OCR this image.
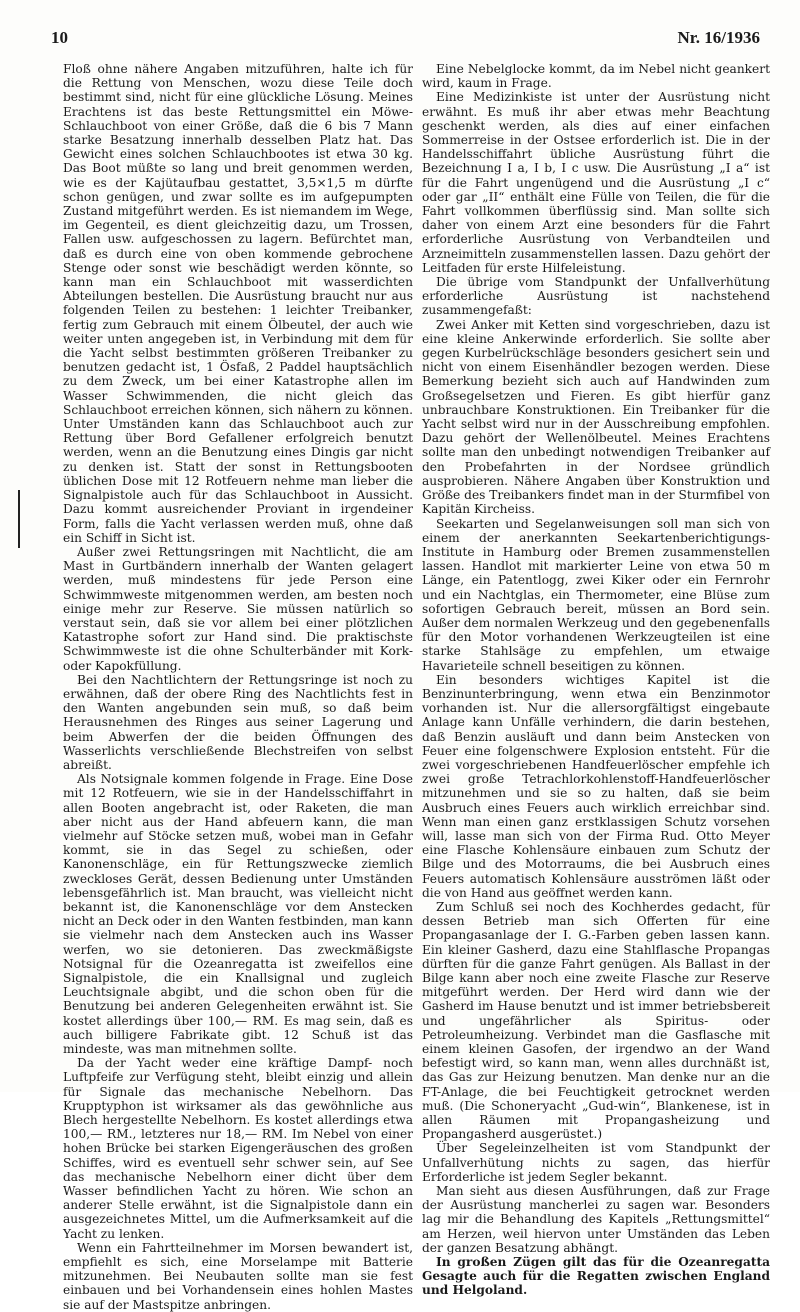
10	Nr. 16/1936

Floß ohne nähere Angaben mitzuführen, halte ich für die Rettung von Menschen, wozu diese Teile doch bestimmt sind, nicht für eine glückliche Lösung. Meines Erachtens ist das beste Rettungsmittel ein Möwe-Schlauchboot von einer Größe, daß die 6 bis 7 Mann starke Besatzung innerhalb desselben Platz hat. Das Gewicht eines solchen Schlauchbootes ist etwa 30 kg. Das Boot müßte so lang und breit genommen werden, wie es der Kajütaufbau gestattet, 3,5×1,5 m dürfte schon genügen, und zwar sollte es im aufgepumpten Zustand mitgeführt werden. Es ist niemandem im Wege, im Gegenteil, es dient gleichzeitig dazu, um Trossen, Fallen usw. aufgeschossen zu lagern. Befürchtet man, daß es durch eine von oben kommende gebrochene Stenge oder sonst wie beschädigt werden könnte, so kann man ein Schlauchboot mit wasserdichten Abteilungen bestellen. Die Ausrüstung braucht nur aus folgenden Teilen zu bestehen: 1 leichter Treibanker, fertig zum Gebrauch mit einem Ölbeutel, der auch wie weiter unten angegeben ist, in Verbindung mit dem für die Yacht selbst bestimmten größeren Treibanker zu benutzen gedacht ist, 1 Ösfaß, 2 Paddel hauptsächlich zu dem Zweck, um bei einer Katastrophe allen im Wasser Schwimmenden, die nicht gleich das Schlauchboot erreichen können, sich nähern zu können. Unter Umständen kann das Schlauchboot auch zur Rettung über Bord Gefallener erfolgreich benutzt werden, wenn an die Benutzung eines Dingis gar nicht zu denken ist. Statt der sonst in Rettungsbooten üblichen Dose mit 12 Rotfeuern nehme man lieber die Signalpistole auch für das Schlauchboot in Aussicht. Dazu kommt ausreichender Proviant in irgendeiner Form, falls die Yacht verlassen werden muß, ohne daß ein Schiff in Sicht ist.

Außer zwei Rettungsringen mit Nachtlicht, die am Mast in Gurtbändern innerhalb der Wanten gelagert werden, muß mindestens für jede Person eine Schwimmweste mitgenommen werden, am besten noch einige mehr zur Reserve. Sie müssen natürlich so verstaut sein, daß sie vor allem bei einer plötzlichen Katastrophe sofort zur Hand sind. Die praktischste Schwimmweste ist die ohne Schulterbänder mit Kork- oder Kapokfüllung.

Bei den Nachtlichtern der Rettungsringe ist noch zu erwähnen, daß der obere Ring des Nachtlichts fest in den Wanten angebunden sein muß, so daß beim Herausnehmen des Ringes aus seiner Lagerung und beim Abwerfen der die beiden Öffnungen des Wasserlichts verschließende Blechstreifen von selbst abreißt.

Als Notsignale kommen folgende in Frage. Eine Dose mit 12 Rotfeuern, wie sie in der Handelsschiffahrt in allen Booten angebracht ist, oder Raketen, die man aber nicht aus der Hand abfeuern kann, die man vielmehr auf Stöcke setzen muß, wobei man in Gefahr kommt, sie in das Segel zu schießen, oder Kanonenschläge, ein für Rettungszwecke ziemlich zweckloses Gerät, dessen Bedienung unter Umständen lebensgefährlich ist. Man braucht, was vielleicht nicht bekannt ist, die Kanonenschläge vor dem Anstecken nicht an Deck oder in den Wanten festbinden, man kann sie vielmehr nach dem Anstecken auch ins Wasser werfen, wo sie detonieren. Das zweckmäßigste Notsignal für die Ozeanregatta ist zweifellos eine Signalpistole, die ein Knallsignal und zugleich Leuchtsignale abgibt, und die schon oben für die Benutzung bei anderen Gelegenheiten erwähnt ist. Sie kostet allerdings über 100,— RM. Es mag sein, daß es auch billigere Fabrikate gibt. 12 Schuß ist das mindeste, was man mitnehmen sollte.

Da der Yacht weder eine kräftige Dampf- noch Luftpfeife zur Verfügung steht, bleibt einzig und allein für Signale das mechanische Nebelhorn. Das Krupptyphon ist wirksamer als das gewöhnliche aus Blech hergestellte Nebelhorn. Es kostet allerdings etwa 100,— RM., letzteres nur 18,— RM. Im Nebel von einer hohen Brücke bei starken Eigengeräuschen des großen Schiffes, wird es eventuell sehr schwer sein, auf See das mechanische Nebelhorn einer dicht über dem Wasser befindlichen Yacht zu hören. Wie schon an anderer Stelle erwähnt, ist die Signalpistole dann ein ausgezeichnetes Mittel, um die Aufmerksamkeit auf die Yacht zu lenken.

Wenn ein Fahrtteilnehmer im Morsen bewandert ist, empfiehlt es sich, eine Morselampe mit Batterie mitzunehmen. Bei Neubauten sollte man sie fest einbauen und bei Vorhandensein eines hohlen Mastes sie auf der Mastspitze anbringen.

Eine Nebelglocke kommt, da im Nebel nicht geankert wird, kaum in Frage.

Eine Medizinkiste ist unter der Ausrüstung nicht erwähnt. Es muß ihr aber etwas mehr Beachtung geschenkt werden, als dies auf einer einfachen Sommerreise in der Ostsee erforderlich ist. Die in der Handelsschiffahrt übliche Ausrüstung führt die Bezeichnung I a, I b, I c usw. Die Ausrüstung „I a“ ist für die Fahrt ungenügend und die Ausrüstung „I c“ oder gar „II“ enthält eine Fülle von Teilen, die für die Fahrt vollkommen überflüssig sind. Man sollte sich daher von einem Arzt eine besonders für die Fahrt erforderliche Ausrüstung von Verbandteilen und Arzneimitteln zusammenstellen lassen. Dazu gehört der Leitfaden für erste Hilfeleistung.

Die übrige vom Standpunkt der Unfallverhütung erforderliche Ausrüstung ist nachstehend zusammengefaßt:

Zwei Anker mit Ketten sind vorgeschrieben, dazu ist eine kleine Ankerwinde erforderlich. Sie sollte aber gegen Kurbelrückschläge besonders gesichert sein und nicht von einem Eisenhändler bezogen werden. Diese Bemerkung bezieht sich auch auf Handwinden zum Großsegelsetzen und Fieren. Es gibt hierfür ganz unbrauchbare Konstruktionen. Ein Treibanker für die Yacht selbst wird nur in der Ausschreibung empfohlen. Dazu gehört der Wellenölbeutel. Meines Erachtens sollte man den unbedingt notwendigen Treibanker auf den Probefahrten in der Nordsee gründlich ausprobieren. Nähere Angaben über Konstruktion und Größe des Treibankers findet man in der Sturmfibel von Kapitän Kircheiss.

Seekarten und Segelanweisungen soll man sich von einem der anerkannten Seekartenberichtigungs-Institute in Hamburg oder Bremen zusammenstellen lassen. Handlot mit markierter Leine von etwa 50 m Länge, ein Patentlogg, zwei Kiker oder ein Fernrohr und ein Nachtglas, ein Thermometer, eine Blüse zum sofortigen Gebrauch bereit, müssen an Bord sein. Außer dem normalen Werkzeug und den gegebenenfalls für den Motor vorhandenen Werkzeugteilen ist eine starke Stahlsäge zu empfehlen, um etwaige Havarieteile schnell beseitigen zu können.

Ein besonders wichtiges Kapitel ist die Benzinunterbringung, wenn etwa ein Benzinmotor vorhanden ist. Nur die allersorgfältigst eingebaute Anlage kann Unfälle verhindern, die darin bestehen, daß Benzin ausläuft und dann beim Anstecken von Feuer eine folgenschwere Explosion entsteht. Für die zwei vorgeschriebenen Handfeuerlöscher empfehle ich zwei große Tetrachlorkohlenstoff-Handfeuerlöscher mitzunehmen und sie so zu halten, daß sie beim Ausbruch eines Feuers auch wirklich erreichbar sind. Wenn man einen ganz erstklassigen Schutz vorsehen will, lasse man sich von der Firma Rud. Otto Meyer eine Flasche Kohlensäure einbauen zum Schutz der Bilge und des Motorraums, die bei Ausbruch eines Feuers automatisch Kohlensäure ausströmen läßt oder die von Hand aus geöffnet werden kann.

Zum Schluß sei noch des Kochherdes gedacht, für dessen Betrieb man sich Offerten für eine Propangasanlage der I. G.-Farben geben lassen kann. Ein kleiner Gasherd, dazu eine Stahlflasche Propangas dürften für die ganze Fahrt genügen. Als Ballast in der Bilge kann aber noch eine zweite Flasche zur Reserve mitgeführt werden. Der Herd wird dann wie der Gasherd im Hause benutzt und ist immer betriebsbereit und ungefährlicher als Spiritus- oder Petroleumheizung. Verbindet man die Gasflasche mit einem kleinen Gasofen, der irgendwo an der Wand befestigt wird, so kann man, wenn alles durchnäßt ist, das Gas zur Heizung benutzen. Man denke nur an die FT-Anlage, die bei Feuchtigkeit getrocknet werden muß. (Die Schoneryacht „Gud-win“, Blankenese, ist in allen Räumen mit Propangasheizung und Propangasherd ausgerüstet.)

Über Segeleinzelheiten ist vom Standpunkt der Unfallverhütung nichts zu sagen, das hierfür Erforderliche ist jedem Segler bekannt.

Man sieht aus diesen Ausführungen, daß zur Frage der Ausrüstung mancherlei zu sagen war. Besonders lag mir die Behandlung des Kapitels „Rettungsmittel“ am Herzen, weil hiervon unter Umständen das Leben der ganzen Besatzung abhängt.

In großen Zügen gilt das für die Ozeanregatta Gesagte auch für die Regatten zwischen England und Helgoland.
